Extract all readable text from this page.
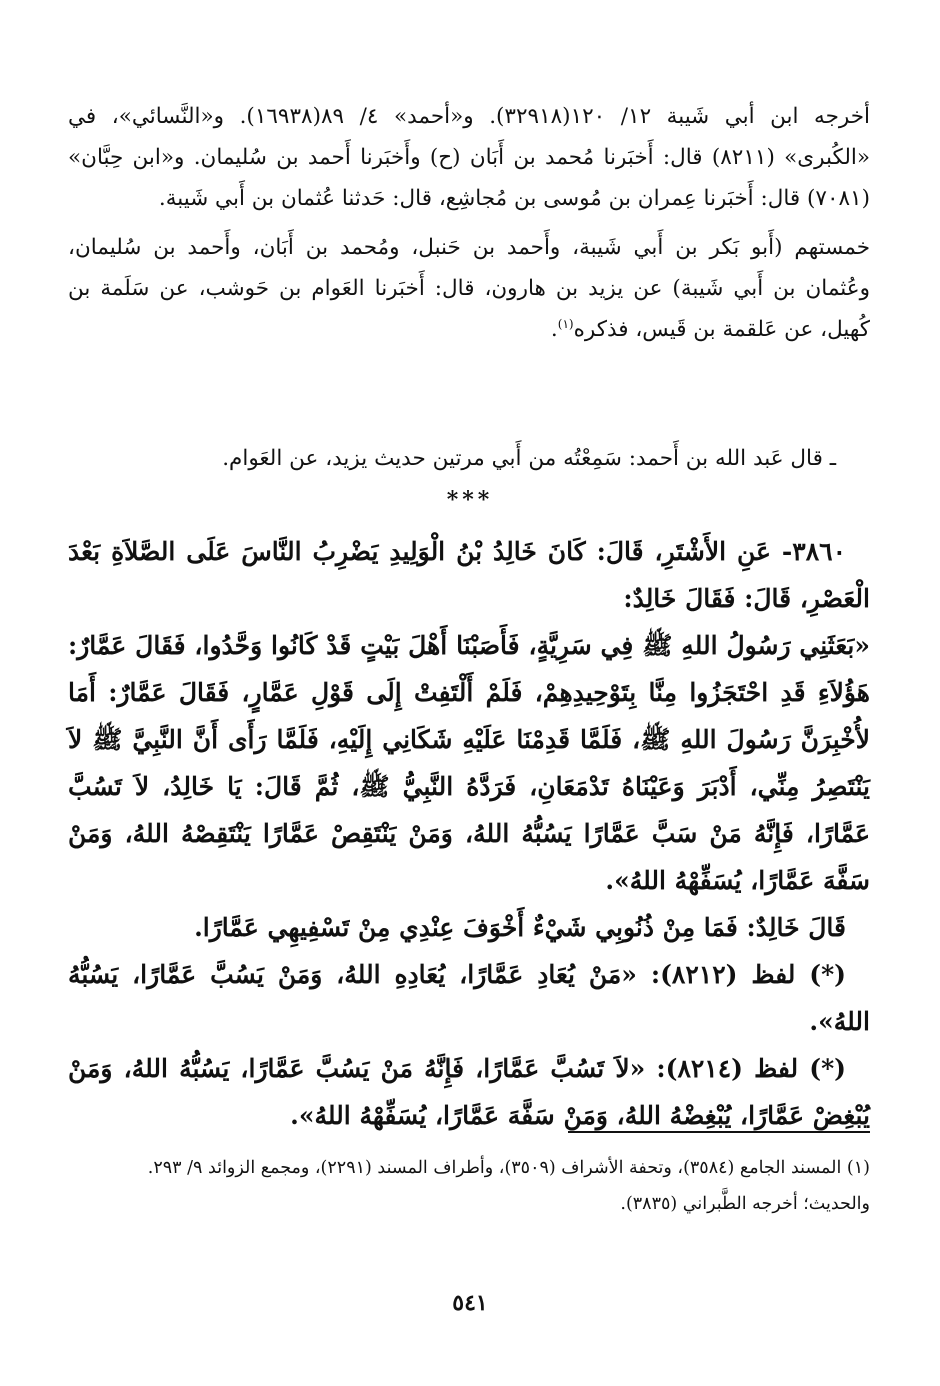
أخرجه ابن أبي شَيبة ١٢/ ١٢٠(٣٢٩١٨). و«أحمد» ٤/ ٨٩(١٦٩٣٨). و«النَّسائي»، في «الكُبرى» (٨٢١١) قال: أَخبَرنا مُحمد بن أَبَان (ح) وأَخبَرنا أَحمد بن سُليمان. و«ابن حِبَّان» (٧٠٨١) قال: أَخبَرنا عِمران بن مُوسى بن مُجاشِع، قال: حَدثنا عُثمان بن أَبي شَيبة.

خمستهم (أَبو بَكر بن أَبي شَيبة، وأَحمد بن حَنبل، ومُحمد بن أَبَان، وأَحمد بن سُليمان، وعُثمان بن أَبي شَيبة) عن يزيد بن هارون، قال: أَخبَرنا العَوام بن حَوشب، عن سَلَمة بن كُهيل، عن عَلقمة بن قَيس، فذكره$^{(١)}$.

ـ قال عَبد الله بن أَحمد: سَمِعْتُه من أَبي مرتين حديث يزيد، عن العَوام.

***

٣٨٦٠- عَنِ الأَشْتَرِ، قَالَ: كَانَ خَالِدُ بْنُ الْوَلِيدِ يَضْرِبُ النَّاسَ عَلَى الصَّلاَةِ بَعْدَ الْعَصْرِ، قَالَ: فَقَالَ خَالِدٌ:

«بَعَثَنِي رَسُولُ اللهِ ﷺ فِي سَرِيَّةٍ، فَأَصَبْنَا أَهْلَ بَيْتٍ قَدْ كَانُوا وَحَّدُوا، فَقَالَ عَمَّارٌ: هَؤُلاَءِ قَدِ احْتَجَزُوا مِنَّا بِتَوْحِيدِهِمْ، فَلَمْ أَلْتَفِتْ إِلَى قَوْلِ عَمَّارٍ، فَقَالَ عَمَّارٌ: أَمَا لأُخْبِرَنَّ رَسُولَ اللهِ ﷺ، فَلَمَّا قَدِمْنَا عَلَيْهِ شَكَانِي إِلَيْهِ، فَلَمَّا رَأَى أَنَّ النَّبِيَّ ﷺ لاَ يَنْتَصِرُ مِنِّي، أَدْبَرَ وَعَيْنَاهُ تَدْمَعَانِ، فَرَدَّهُ النَّبِيُّ ﷺ، ثُمَّ قَالَ: يَا خَالِدُ، لاَ تَسُبَّ عَمَّارًا، فَإِنَّهُ مَنْ سَبَّ عَمَّارًا يَسُبُّهُ اللهُ، وَمَنْ يَنْتَقِصْ عَمَّارًا يَنْتَقِصْهُ اللهُ، وَمَنْ سَفَّهَ عَمَّارًا، يُسَفِّهْهُ اللهُ».

قَالَ خَالِدٌ: فَمَا مِنْ ذُنُوبِي شَيْءٌ أَخْوَفَ عِنْدِي مِنْ تَسْفِيهِي عَمَّارًا.

(*) لفظ (٨٢١٢): «مَنْ يُعَادِ عَمَّارًا، يُعَادِهِ اللهُ، وَمَنْ يَسُبَّ عَمَّارًا، يَسُبُّهُ اللهُ».

(*) لفظ (٨٢١٤): «لاَ تَسُبَّ عَمَّارًا، فَإِنَّهُ مَنْ يَسُبَّ عَمَّارًا، يَسُبُّهُ اللهُ، وَمَنْ يُبْغِضْ عَمَّارًا، يُبْغِضْهُ اللهُ، وَمَنْ سَفَّهَ عَمَّارًا، يُسَفِّهْهُ اللهُ».

(١) المسند الجامع (٣٥٨٤)، وتحفة الأشراف (٣٥٠٩)، وأطراف المسند (٢٢٩١)، ومجمع الزوائد ٩/ ٢٩٣.

والحديث؛ أخرجه الطَّبراني (٣٨٣٥).

٥٤١
